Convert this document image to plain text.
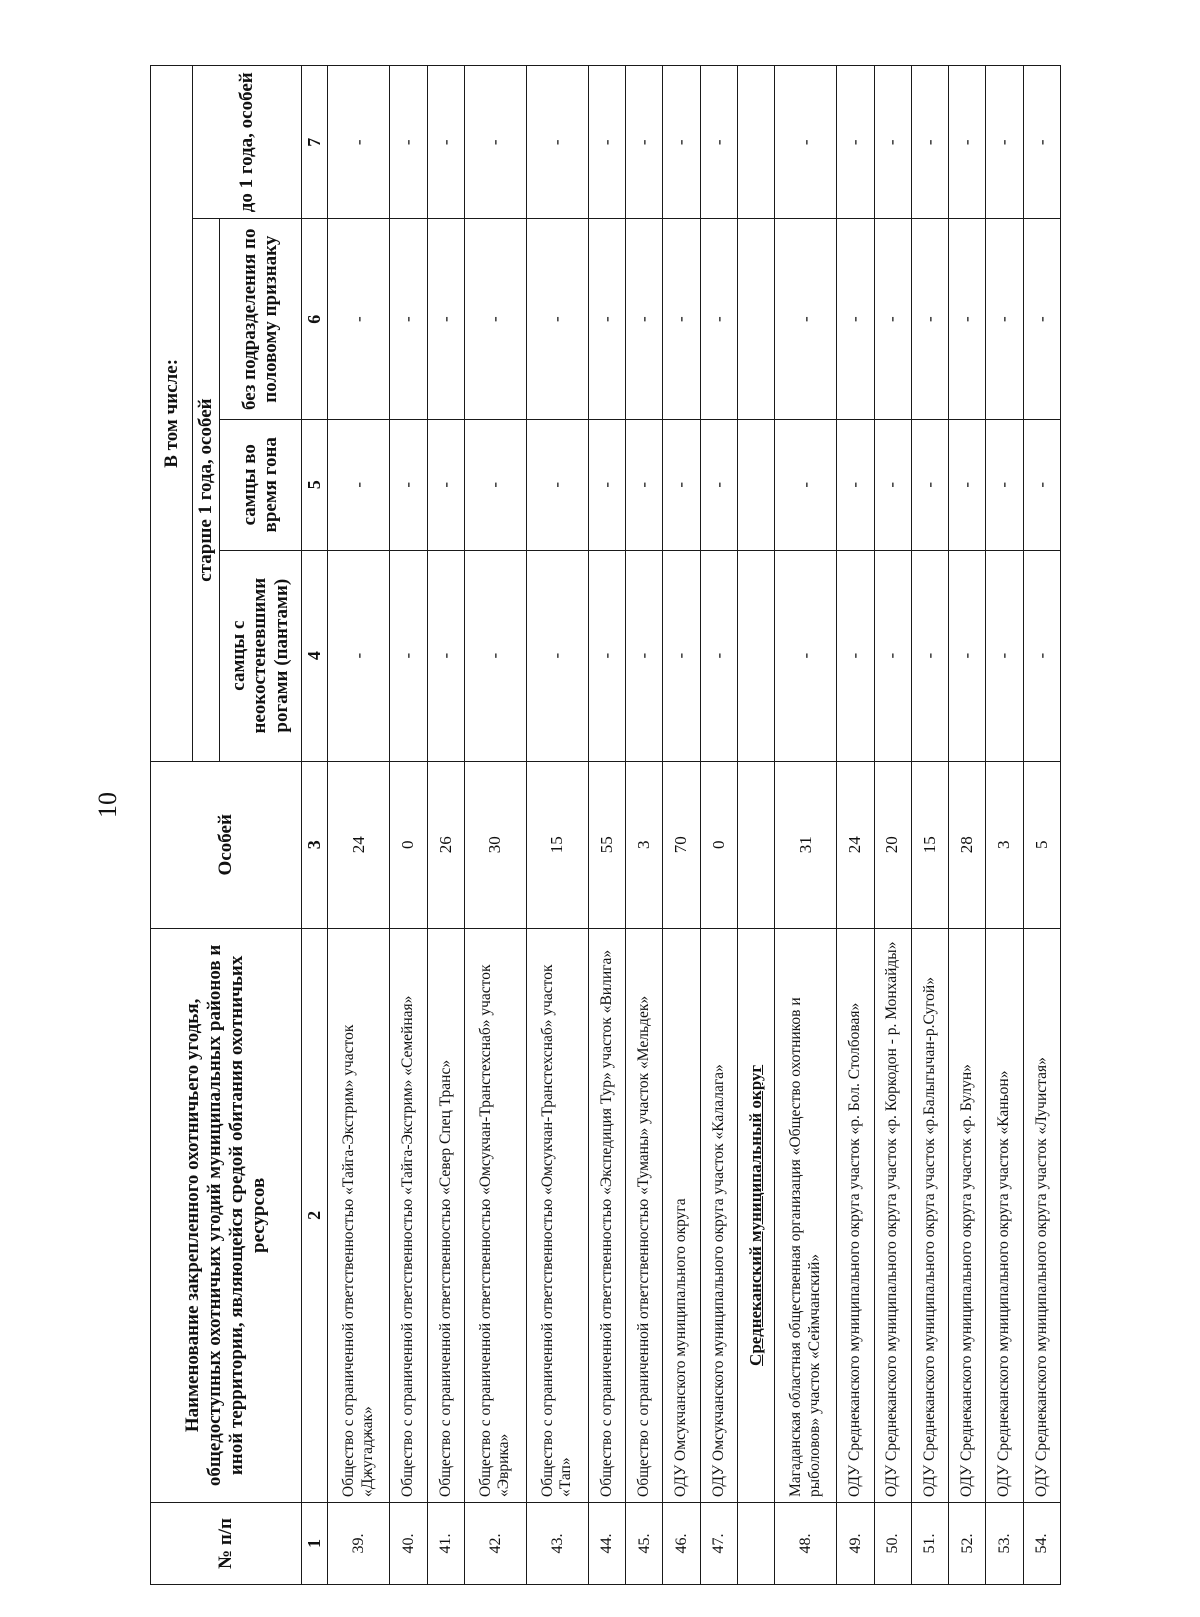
10
№ п/п	Наименование закрепленного охотничьего угодья, общедоступных охотничьих угодий муниципальных районов и иной территории, являющейся средой обитания охотничьих ресурсов	Особей	В том числе:			
			старше 1 года, особей			до 1 года, особей
			самцы с неокостеневшими рогами (пантами)	самцы во время гона	без подразделения по половому признаку	
1	2	3	4	5	6	7
39.	Общество с ограниченной ответственностью «Тайга-Экстрим» участок «Джугаджак»	24	-	-	-	-
40.	Общество с ограниченной ответственностью «Тайга-Экстрим» «Семейная»	0	-	-	-	-
41.	Общество с ограниченной ответственностью «Север Спец Транс»	26	-	-	-	-
42.	Общество с ограниченной ответственностью «Омсукчан-Транстехснаб» участок «Эврика»	30	-	-	-	-
43.	Общество с ограниченной ответственностью «Омсукчан-Транстехснаб» участок «Тап»	15	-	-	-	-
44.	Общество с ограниченной ответственностью «Экспедиция Тур» участок «Вилига»	55	-	-	-	-
45.	Общество с ограниченной ответственностью «Туманы» участок «Мельдек»	3	-	-	-	-
46.	ОДУ Омсукчанского муниципального округа	70	-	-	-	-
47.	ОДУ Омсукчанского муниципального округа участок «Калалага»	0	-	-	-	-
	Среднеканский муниципальный округ					
48.	Магаданская областная общественная организация «Общество охотников и рыболовов» участок «Сеймчанский»	31	-	-	-	-
49.	ОДУ Среднеканского муниципального округа участок «р. Бол. Столбовая»	24	-	-	-	-
50.	ОДУ Среднеканского муниципального округа участок «р. Коркодон - р. Монхайды»	20	-	-	-	-
51.	ОДУ Среднеканского муниципального округа участок «р.Балыгычан-р.Сугой»	15	-	-	-	-
52.	ОДУ Среднеканского муниципального округа участок «р. Булун»	28	-	-	-	-
53.	ОДУ Среднеканского муниципального округа участок «Каньон»	3	-	-	-	-
54.	ОДУ Среднеканского муниципального округа участок «Лучистая»	5	-	-	-	-
